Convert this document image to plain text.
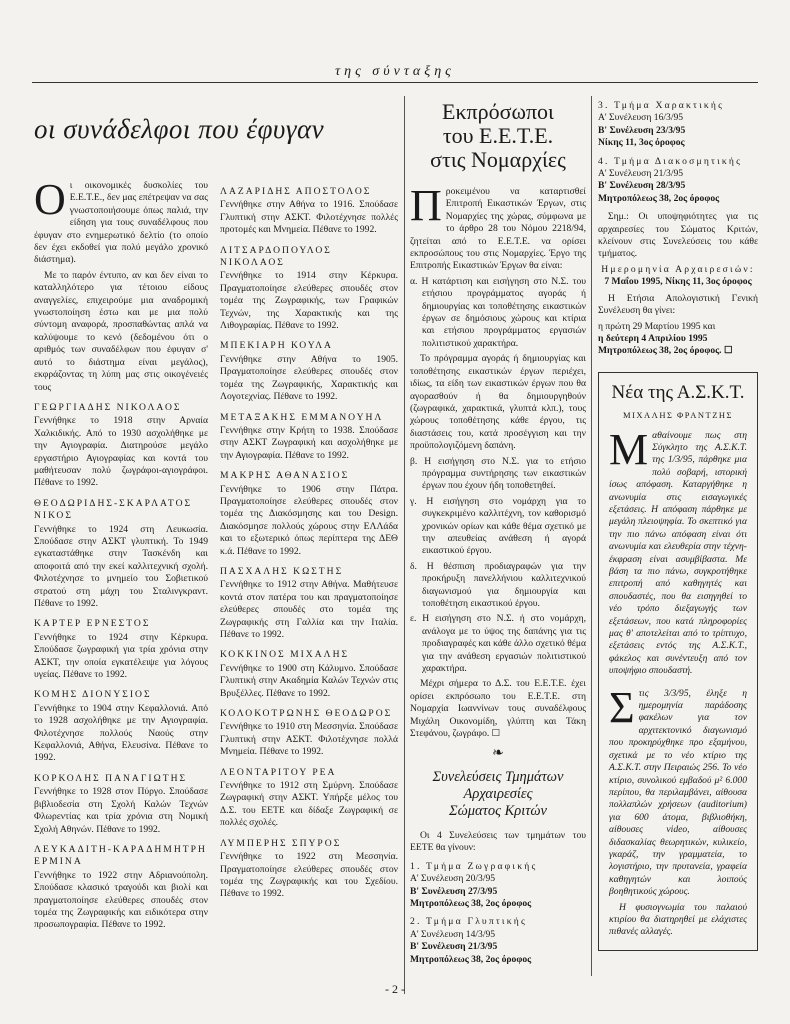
της σύνταξης
οι συνάδελφοι που έφυγαν

Οι οικονομικές δυσκολίες του Ε.Ε.Τ.Ε., δεν μας επέτρεψαν να σας γνωστοποιήσουμε όπως παλιά, την είδηση για τους συναδέλφους που έφυγαν στο ενημερωτικό δελτίο (το οποίο δεν έχει εκδοθεί για πολύ μεγάλο χρονικό διάστημα).

Με το παρόν έντυπο, αν και δεν είναι το καταλληλότερο για τέτοιου είδους αναγγελίες, επιχειρούμε μια αναδρομική γνωστοποίηση έστω και με μια πολύ σύντομη αναφορά, προσπαθώντας απλά να καλύψουμε το κενό (δεδομένου ότι ο αριθμός των συναδέλφων που έφυγαν σ' αυτό το διάστημα είναι μεγάλος), εκφράζοντας τη λύπη μας στις οικογένειές τους

ΓΕΩΡΓΙΑΔΗΣ ΝΙΚΟΛΑΟΣ

Γεννήθηκε το 1918 στην Αρναία Χαλκιδικής. Από το 1930 ασχολήθηκε με την Αγιογραφία. Διατηρούσε μεγάλο εργαστήριο Αγιογραφίας και κοντά του μαθήτευσαν πολύ ζωγράφοι-αγιογράφοι. Πέθανε το 1992.

ΘΕΟΔΩΡΙΔΗΣ-ΣΚΑΡΛΑΤΟΣ ΝΙΚΟΣ

Γεννήθηκε το 1924 στη Λευκωσία. Σπούδασε στην ΑΣΚΤ γλυπτική. Το 1949 εγκαταστάθηκε στην Τασκένδη και αποφοιτά από την εκεί καλλιτεχνική σχολή. Φιλοτέχνησε το μνημείο του Σοβιετικού στρατού στη μάχη του Σταλινγκραντ. Πέθανε το 1992.

ΚΑΡΤΕΡ ΕΡΝΕΣΤΟΣ

Γεννήθηκε το 1924 στην Κέρκυρα. Σπούδασε ζωγραφική για τρία χρόνια στην ΑΣΚΤ, την οποία εγκατέλειψε για λόγους υγείας. Πέθανε το 1992.

ΚΟΜΗΣ ΔΙΟΝΥΣΙΟΣ

Γεννήθηκε το 1904 στην Κεφαλλονιά. Από το 1928 ασχολήθηκε με την Αγιογραφία. Φιλοτέχνησε πολλούς Ναούς στην Κεφαλλονιά, Αθήνα, Ελευσίνα. Πέθανε το 1992.

ΚΟΡΚΟΛΗΣ ΠΑΝΑΓΙΩΤΗΣ

Γεννήθηκε το 1928 στον Πύργο. Σπούδασε βιβλιοδεσία στη Σχολή Καλών Τεχνών Φλωρεντίας και τρία χρόνια στη Νομική Σχολή Αθηνών. Πέθανε το 1992.

ΛΕΥΚΑΔΙΤΗ-ΚΑΡΑΔΗΜΗΤΡΗ ΕΡΜΙΝΑ

Γεννήθηκε το 1922 στην Αδριανούπολη. Σπούδασε κλασικό τραγούδι και βιολί και πραγματοποίησε ελεύθερες σπουδές στον τομέα της Ζωγραφικής και ειδικότερα στην προσωπογραφία. Πέθανε το 1992.

ΛΑΖΑΡΙΔΗΣ ΑΠΟΣΤΟΛΟΣ

Γεννήθηκε στην Αθήνα το 1916. Σπούδασε Γλυπτική στην ΑΣΚΤ. Φιλοτέχνησε πολλές προτομές και Μνημεία. Πέθανε το 1992.

ΛΙΤΣΑΡΔΟΠΟΥΛΟΣ ΝΙΚΟΛΑΟΣ

Γεννήθηκε το 1914 στην Κέρκυρα. Πραγματοποίησε ελεύθερες σπουδές στον τομέα της Ζωγραφικής, των Γραφικών Τεχνών, της Χαρακτικής και της Λιθογραφίας. Πέθανε το 1992.

ΜΠΕΚΙΑΡΗ ΚΟΥΛΑ

Γεννήθηκε στην Αθήνα το 1905. Πραγματοποίησε ελεύθερες σπουδές στον τομέα της Ζωγραφικής, Χαρακτικής και Λογοτεχνίας. Πέθανε το 1992.

ΜΕΤΑΞΑΚΗΣ ΕΜΜΑΝΟΥΗΛ

Γεννήθηκε στην Κρήτη το 1938. Σπούδασε στην ΑΣΚΤ Ζωγραφική και ασχολήθηκε με την Αγιογραφία. Πέθανε το 1992.

ΜΑΚΡΗΣ ΑΘΑΝΑΣΙΟΣ

Γεννήθηκε το 1906 στην Πάτρα. Πραγματοποίησε ελεύθερες σπουδές στον τομέα της Διακόσμησης και του Design. Διακόσμησε πολλούς χώρους στην ΕΛΛάδα και το εξωτερικό όπως περίπτερα της ΔΕΘ κ.ά. Πέθανε το 1992.

ΠΑΣΧΑΛΗΣ ΚΩΣΤΗΣ

Γεννήθηκε το 1912 στην Αθήνα. Μαθήτευσε κοντά στον πατέρα του και πραγματοποίησε ελεύθερες σπουδές στο τομέα της Ζωγραφικής στη Γαλλία και την Ιταλία. Πέθανε το 1992.

ΚΟΚΚΙΝΟΣ ΜΙΧΑΛΗΣ

Γεννήθηκε το 1900 στη Κάλυμνο. Σπούδασε Γλυπτική στην Ακαδημία Καλών Τεχνών στις Βρυξέλλες. Πέθανε το 1992.

ΚΟΛΟΚΟΤΡΩΝΗΣ ΘΕΟΔΩΡΟΣ

Γεννήθηκε το 1910 στη Μεσσηνία. Σπούδασε Γλυπτική στην ΑΣΚΤ. Φιλοτέχνησε πολλά Μνημεία. Πέθανε το 1992.

ΛΕΟΝΤΑΡΙΤΟΥ ΡΕΑ

Γεννήθηκε το 1912 στη Σμύρνη. Σπούδασε Ζωγραφική στην ΑΣΚΤ. Υπήρξε μέλος του Δ.Σ. του ΕΕΤΕ και δίδαξε Ζωγραφική σε πολλές σχολές.

ΛΥΜΠΕΡΗΣ ΣΠΥΡΟΣ

Γεννήθηκε το 1922 στη Μεσσηνία. Πραγματοποίησε ελεύθερες σπουδές στον τομέα της Ζωγραφικής και του Σχεδίου. Πέθανε το 1992.

Εκπρόσωποι
του Ε.Ε.Τ.Ε.
στις Νομαρχίες

Προκειμένου να καταρτισθεί Επιτροπή Εικαστικών Έργων, στις Νομαρχίες της χώρας, σύμφωνα με το άρθρο 28 του Νόμου 2218/94, ζητείται από το Ε.Ε.Τ.Ε. να ορίσει εκπροσώπους του στις Νομαρχίες. Έργο της Επιτροπής Εικαστικών Έργων θα είναι:

α. Η κατάρτιση και εισήγηση στο Ν.Σ. του ετήσιου προγράμματος αγοράς ή δημιουργίας και τοποθέτησης εικαστικών έργων σε δημόσιους χώρους και κτίρια και ετήσιου προγράμματος εργασιών πολιτιστικού χαρακτήρα.

Το πρόγραμμα αγοράς ή δημιουργίας και τοποθέτησης εικαστικών έργων περιέχει, ιδίως, τα είδη των εικαστικών έργων που θα αγορασθούν ή θα δημιουργηθούν (ζωγραφικά, χαρακτικά, γλυπτά κλπ.), τους χώρους τοποθέτησης κάθε έργου, τις διαστάσεις του, κατά προσέγγιση και την προϋπολογιζόμενη δαπάνη.

β. Η εισήγηση στο Ν.Σ. για το ετήσιο πρόγραμμα συντήρησης των εικαστικών έργων που έχουν ήδη τοποθετηθεί.

γ. Η εισήγηση στο νομάρχη για το συγκεκριμένο καλλιτέχνη, τον καθορισμό χρονικών ορίων και κάθε θέμα σχετικό με την απευθείας ανάθεση ή αγορά εικαστικού έργου.

δ. Η θέσπιση προδιαγραφών για την προκήρυξη πανελλήνιου καλλιτεχνικού διαγωνισμού για δημιουργία και τοποθέτηση εικαστικού έργου.

ε. Η εισήγηση στο Ν.Σ. ή στο νομάρχη, ανάλογα με το ύψος της δαπάνης για τις προδιαγραφές και κάθε άλλο σχετικό θέμα για την ανάθεση εργασιών πολιτιστικού χαρακτήρα.

Μέχρι σήμερα το Δ.Σ. του Ε.Ε.Τ.Ε. έχει ορίσει εκπρόσωπο του Ε.Ε.Τ.Ε. στη Νομαρχία Ιωαννίνων τους συναδέλφους Μιχάλη Οικονομίδη, γλύπτη και Τάκη Στεφάνου, ζωγράφο. ☐

❧
Συνελεύσεις Τμημάτων
Αρχαιρεσίες
Σώματος Κριτών

Οι 4 Συνελεύσεις των τμημάτων του ΕΕΤΕ θα γίνουν:

1. Τμήμα Ζωγραφικής
Α' Συνέλευση 20/3/95
Β' Συνέλευση 27/3/95
Μητροπόλεως 38, 2ος όροφος
2. Τμήμα Γλυπτικής
Α' Συνέλευση 14/3/95
Β' Συνέλευση 21/3/95
Μητροπόλεως 38, 2ος όροφος
3. Τμήμα Χαρακτικής
Α' Συνέλευση 16/3/95
Β' Συνέλευση 23/3/95
Νίκης 11, 3ος όροφος
4. Τμήμα Διακοσμητικής
Α' Συνέλευση 21/3/95
Β' Συνέλευση 28/3/95
Μητροπόλεως 38, 2ος όροφος

Σημ.: Οι υποψηφιότητες για τις αρχαιρεσίες του Σώματος Κριτών, κλείνουν στις Συνελεύσεις του κάθε τμήματος.

Ημερομηνία Αρχαιρεσιών:
7 Μαΐου 1995, Νίκης 11, 3ος όροφος

Η Ετήσια Απολογιστική Γενική Συνέλευση θα γίνει:

η πρώτη 29 Μαρτίου 1995 και
η δεύτερη 4 Απριλίου 1995
Μητροπόλεως 38, 2ος όροφος. ☐
Νέα της Α.Σ.Κ.Τ.
ΜΙΧΑΛΗΣ ΦΡΑΝΤΖΗΣ

Μαθαίνουμε πως στη Σύγκλητο της Α.Σ.Κ.Τ. της 1/3/95, πάρθηκε μια πολύ σοβαρή, ιστορική ίσως απόφαση. Καταργήθηκε η ανωνυμία στις εισαγωγικές εξετάσεις. Η απόφαση πάρθηκε με μεγάλη πλειοψηφία. Το σκεπτικό για την πιο πάνω απόφαση είναι ότι ανωνυμία και ελευθερία στην τέχνη-έκφραση είναι ασυμβίβαστα. Με βάση τα πιο πάνω, συγκροτήθηκε επιτροπή από καθηγητές και σπουδαστές, που θα εισηγηθεί το νέο τρόπο διεξαγωγής των εξετάσεων, που κατά πληροφορίες μας θ' αποτελείται από το τρίπτυχο, εξετάσεις εντός της Α.Σ.Κ.Τ., φάκελος και συνέντευξη από τον υποψήφιο σπουδαστή.

Στις 3/3/95, έληξε η ημερομηνία παράδοσης φακέλων για τον αρχιτεκτονικό διαγωνισμό που προκηρύχθηκε προ εξαμήνου, σχετικά με το νέο κτίριο της Α.Σ.Κ.Τ. στην Πειραιώς 256. Το νέο κτίριο, συνολικού εμβαδού μ² 6.000 περίπου, θα περιλαμβάνει, αίθουσα πολλαπλών χρήσεων (auditorium) για 600 άτομα, βιβλιοθήκη, αίθουσες video, αίθουσες διδασκαλίας θεωρητικών, κυλικείο, γκαράζ, την γραμματεία, το λογιστήριο, την πρυτανεία, γραφεία καθηγητών και λοιπούς βοηθητικούς χώρους.

Η φυσιογνωμία του παλαιού κτιρίου θα διατηρηθεί με ελάχιστες πιθανές αλλαγές.

- 2 -
